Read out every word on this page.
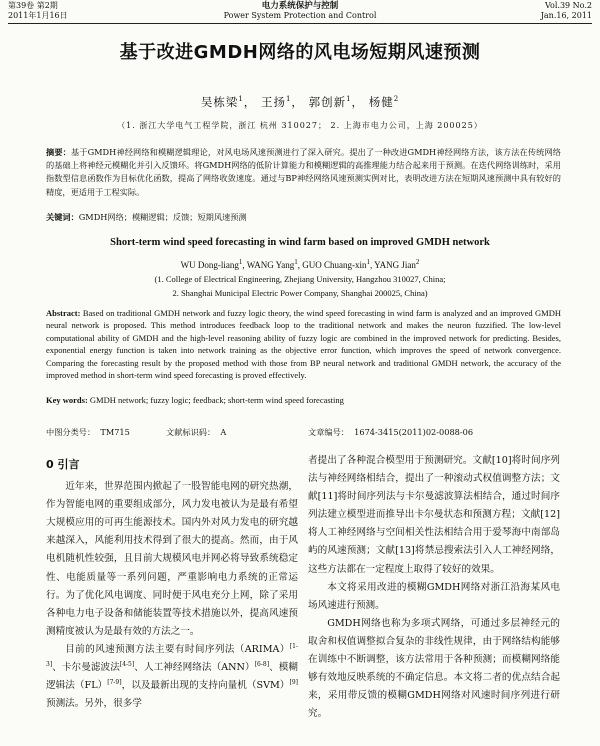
第39卷 第2期
2011年1月16日
电力系统保护与控制
Power System Protection and Control
Vol.39 No.2
Jan.16, 2011
基于改进GMDH网络的风电场短期风速预测
吴栋梁$^1$， 王扬$^1$， 郭创新$^1$， 杨健$^2$
（1. 浙江大学电气工程学院，浙江 杭州 310027； 2. 上海市电力公司，上海 200025）
摘要：基于GMDH神经网络和模糊逻辑理论，对风电场风速预测进行了深入研究。提出了一种改进GMDH神经网络方法，该方法在传统网络的基础上将神经元模糊化并引入反馈环。将GMDH网络的低阶计算能力和模糊逻辑的高推理能力结合起来用于预测。在迭代网络训练时，采用指数型信息函数作为目标优化函数，提高了网络收敛速度。通过与BP神经网络风速预测实例对比，表明改进方法在短期风速预测中具有较好的精度，更适用于工程实际。
关键词：GMDH网络；模糊逻辑；反馈；短期风速预测
Short-term wind speed forecasting in wind farm based on improved GMDH network
WU Dong-liang$^1$, WANG Yang$^1$, GUO Chuang-xin$^1$, YANG Jian$^2$
(1. College of Electrical Engineering, Zhejiang University, Hangzhou 310027, China;
2. Shanghai Municipal Electric Power Company, Shanghai 200025, China)
Abstract: Based on traditional GMDH network and fuzzy logic theory, the wind speed forecasting in wind farm is analyzed and an improved GMDH neural network is proposed. This method introduces feedback loop to the traditional network and makes the neuron fuzzified. The low-level computational ability of GMDH and the high-level reasoning ability of fuzzy logic are combined in the improved network for predicting. Besides, exponential energy function is taken into network training as the objective error function, which improves the speed of network convergence. Comparing the forecasting result by the proposed method with those from BP neural network and traditional GMDH network, the accuracy of the improved method in short-term wind speed forecasting is proved effectively.
Key words: GMDH network; fuzzy logic; feedback; short-term wind speed forecasting
中图分类号： TM715	文献标识码： A	文章编号： 1674-3415(2011)02-0088-06

0 引言

近年来，世界范围内掀起了一股智能电网的研究热潮，作为智能电网的重要组成部分，风力发电被认为是最有希望大规模应用的可再生能源技术。国内外对风力发电的研究越来越深入，风能利用技术得到了很大的提高。然而，由于风电机随机性较强，且目前大规模风电并网必将导致系统稳定性、电能质量等一系列问题，严重影响电力系统的正常运行。为了优化风电调度、同时便于风电充分上网，除了采用各种电力电子设备和储能装置等技术措施以外，提高风速预测精度被认为是最有效的方法之一。

目前的风速预测方法主要有时间序列法（ARIMA）[1-3]、卡尔曼滤波法[4-5]、人工神经网络法（ANN）[6-8]、模糊逻辑法（FL）[7-9]，以及最新出现的支持向量机（SVM）[9]预测法。另外，很多学

者提出了各种混合模型用于预测研究。文献[10]将时间序列法与神经网络相结合，提出了一种滚动式权值调整方法；文献[11]将时间序列法与卡尔曼滤波算法相结合，通过时间序列法建立模型进而推导出卡尔曼状态和预测方程；文献[12]将人工神经网络与空间相关性法相结合用于爱琴海中南部岛屿的风速预测；文献[13]将禁忌搜索法引入人工神经网络，这些方法都在一定程度上取得了较好的效果。

本文将采用改进的模糊GMDH网络对浙江沿海某风电场风速进行预测。

GMDH网络也称为多项式网络，可通过多层神经元的取舍和权值调整拟合复杂的非线性规律，由于网络结构能够在训练中不断调整，该方法常用于各种预测；而模糊网络能够有效地反映系统的不确定信息。本文将二者的优点结合起来，采用带反馈的模糊GMDH网络对风速时间序列进行研究。
